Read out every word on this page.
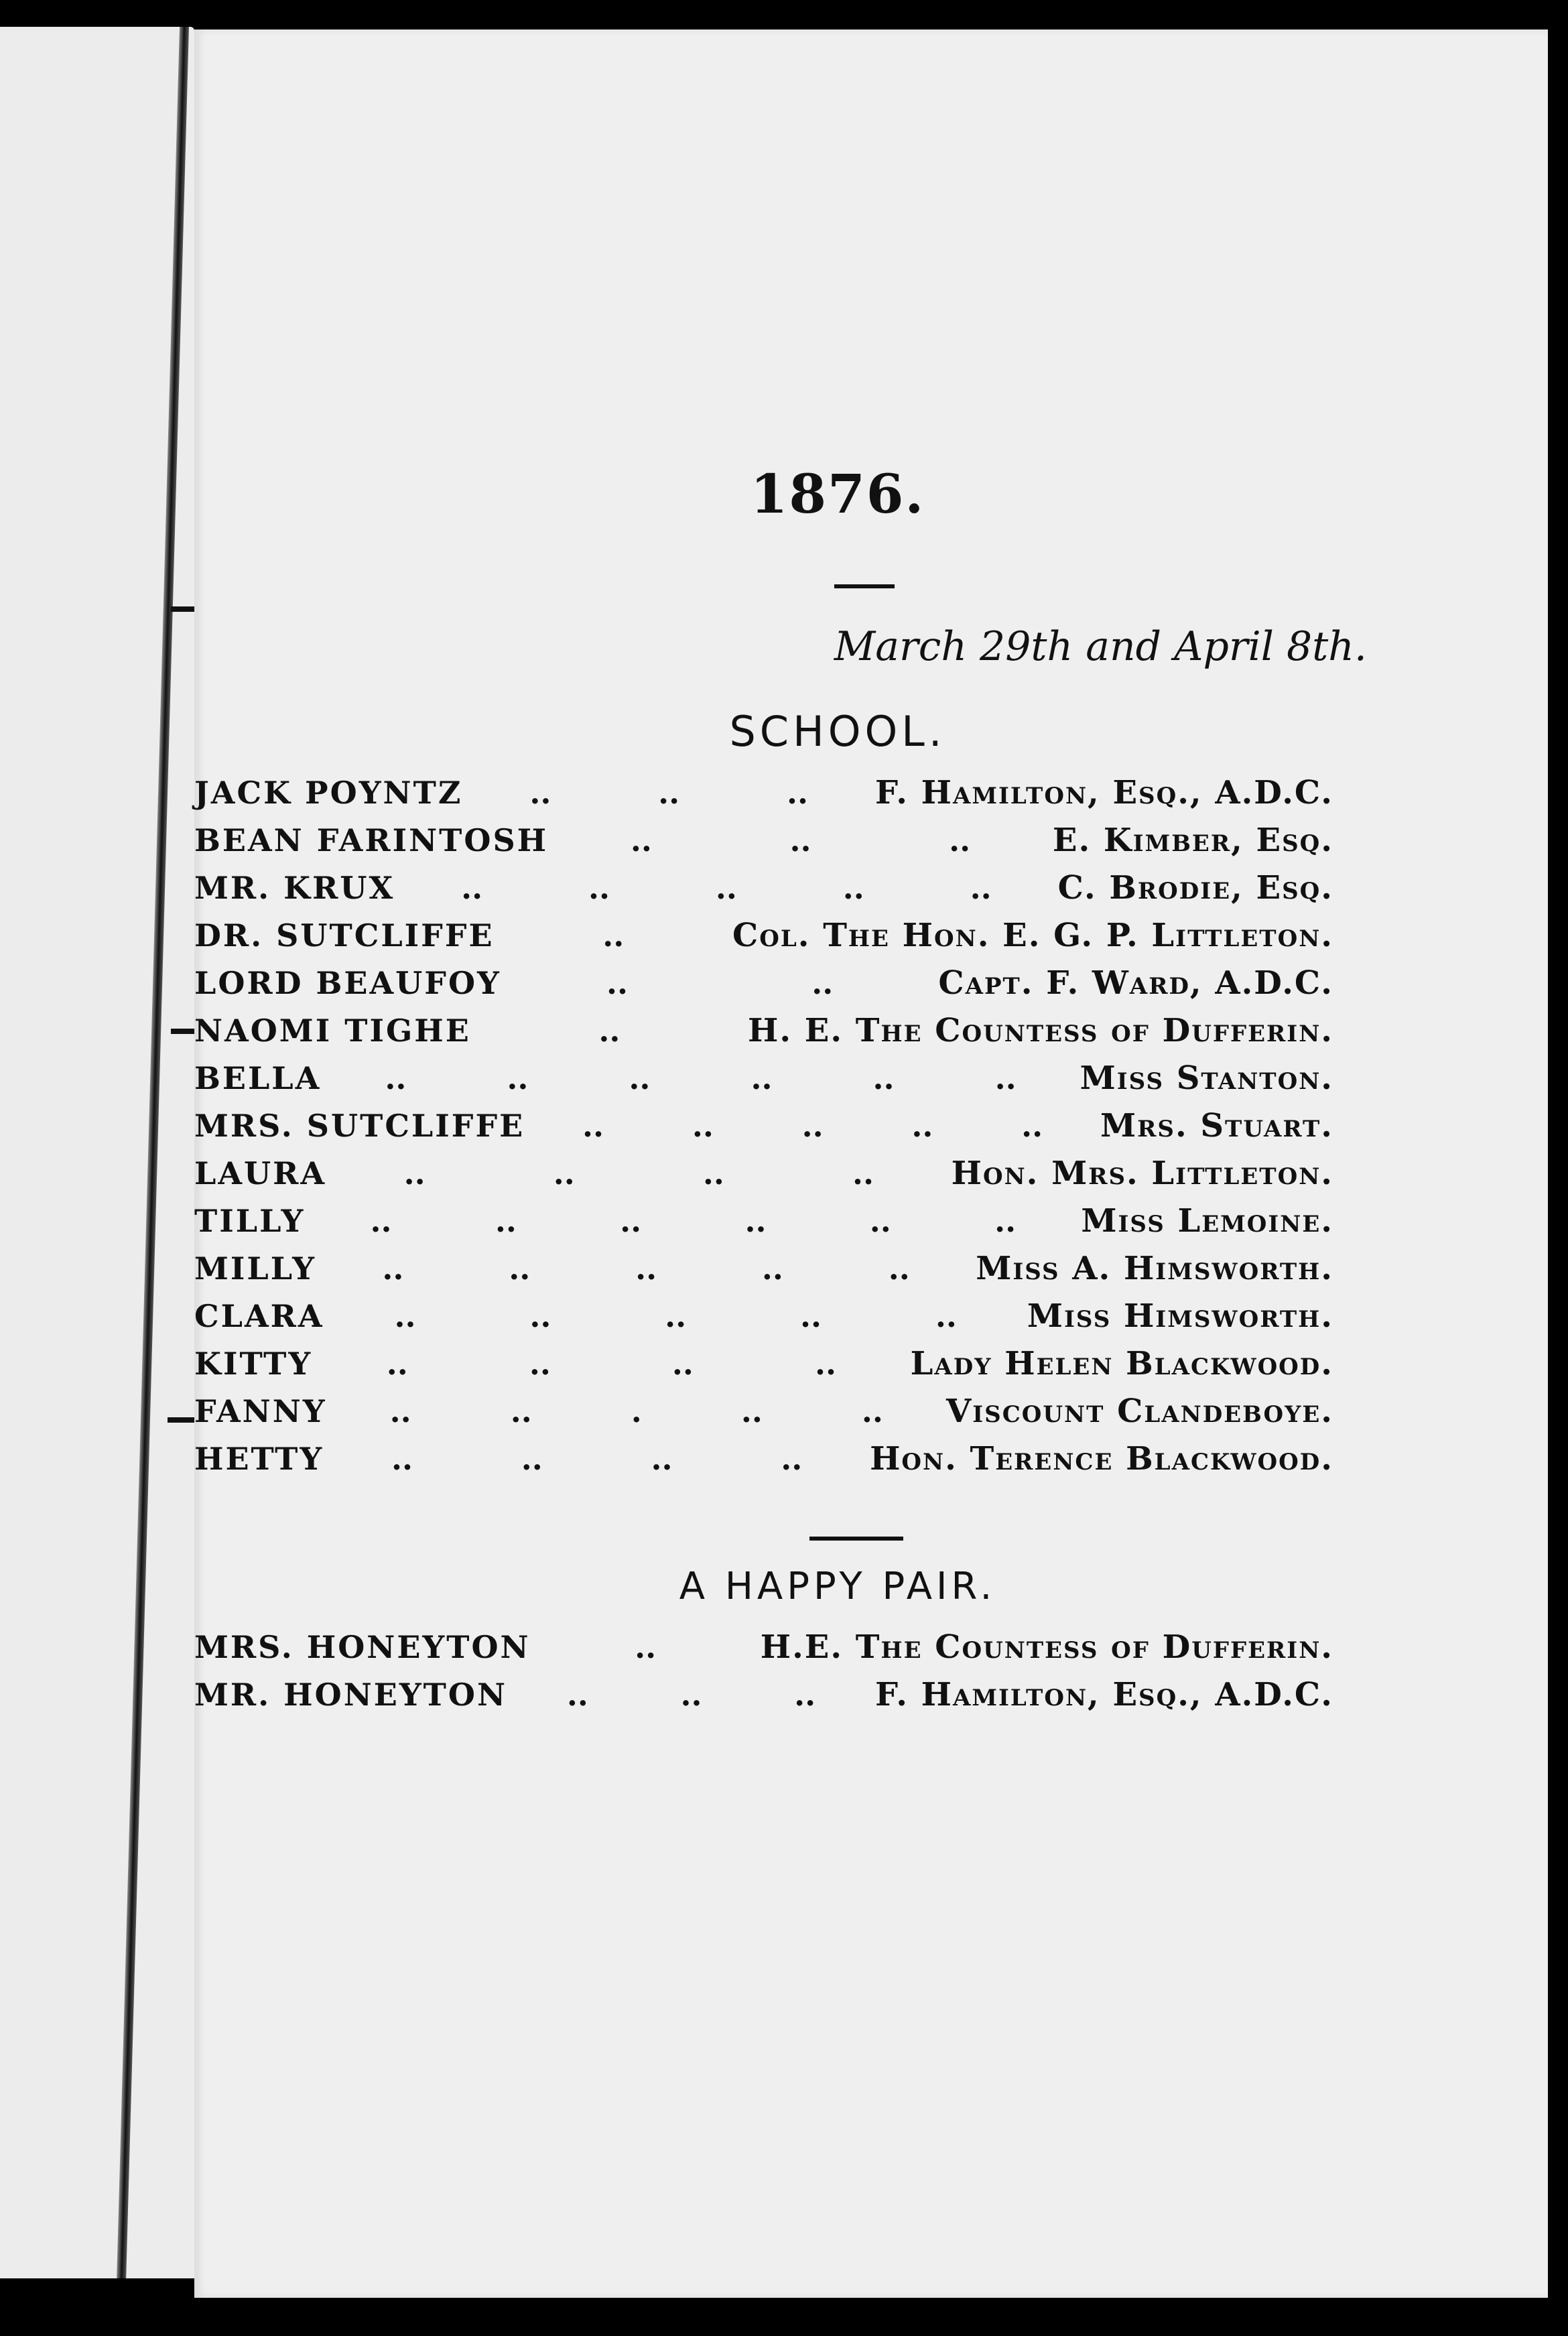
1876.
March 29th and April 8th.
SCHOOL.
JACK POYNTZ ..	..	.. F. Hamilton, Esq., A.D.C.
BEAN FARINTOSH	..	..	..	E. Kimber, Esq.
MR. KRUX ..	..	..	..	.. C. Brodie, Esq.
DR. SUTCLIFFE	..	Col. The Hon. E. G. P. Littleton.
LORD BEAUFOY	..	..	Capt. F. Ward, A.D.C.
NAOMI TIGHE	..	H. E. The Countess of Dufferin.
BELLA ..	..	..	..	..	.. Miss Stanton.
MRS. SUTCLIFFE ..	..	..	..	.. Mrs. Stuart.
LAURA	..	..	..	.. Hon. Mrs. Littleton.
TILLY ..	..	..	..	..	.. Miss Lemoine.
MILLY ..	..	..	..	.. Miss A. Himsworth.
CLARA ..	..	..	..	.. Miss Himsworth.
KITTY ..	..	..	.. Lady Helen Blackwood.
FANNY ..	..	.	..	.. Viscount Clandeboye.
HETTY ..	..	..	.. Hon. Terence Blackwood.
A HAPPY PAIR.
MRS. HONEYTON	..	H.E. The Countess of Dufferin.
MR. HONEYTON ..	..	.. F. Hamilton, Esq., A.D.C.
